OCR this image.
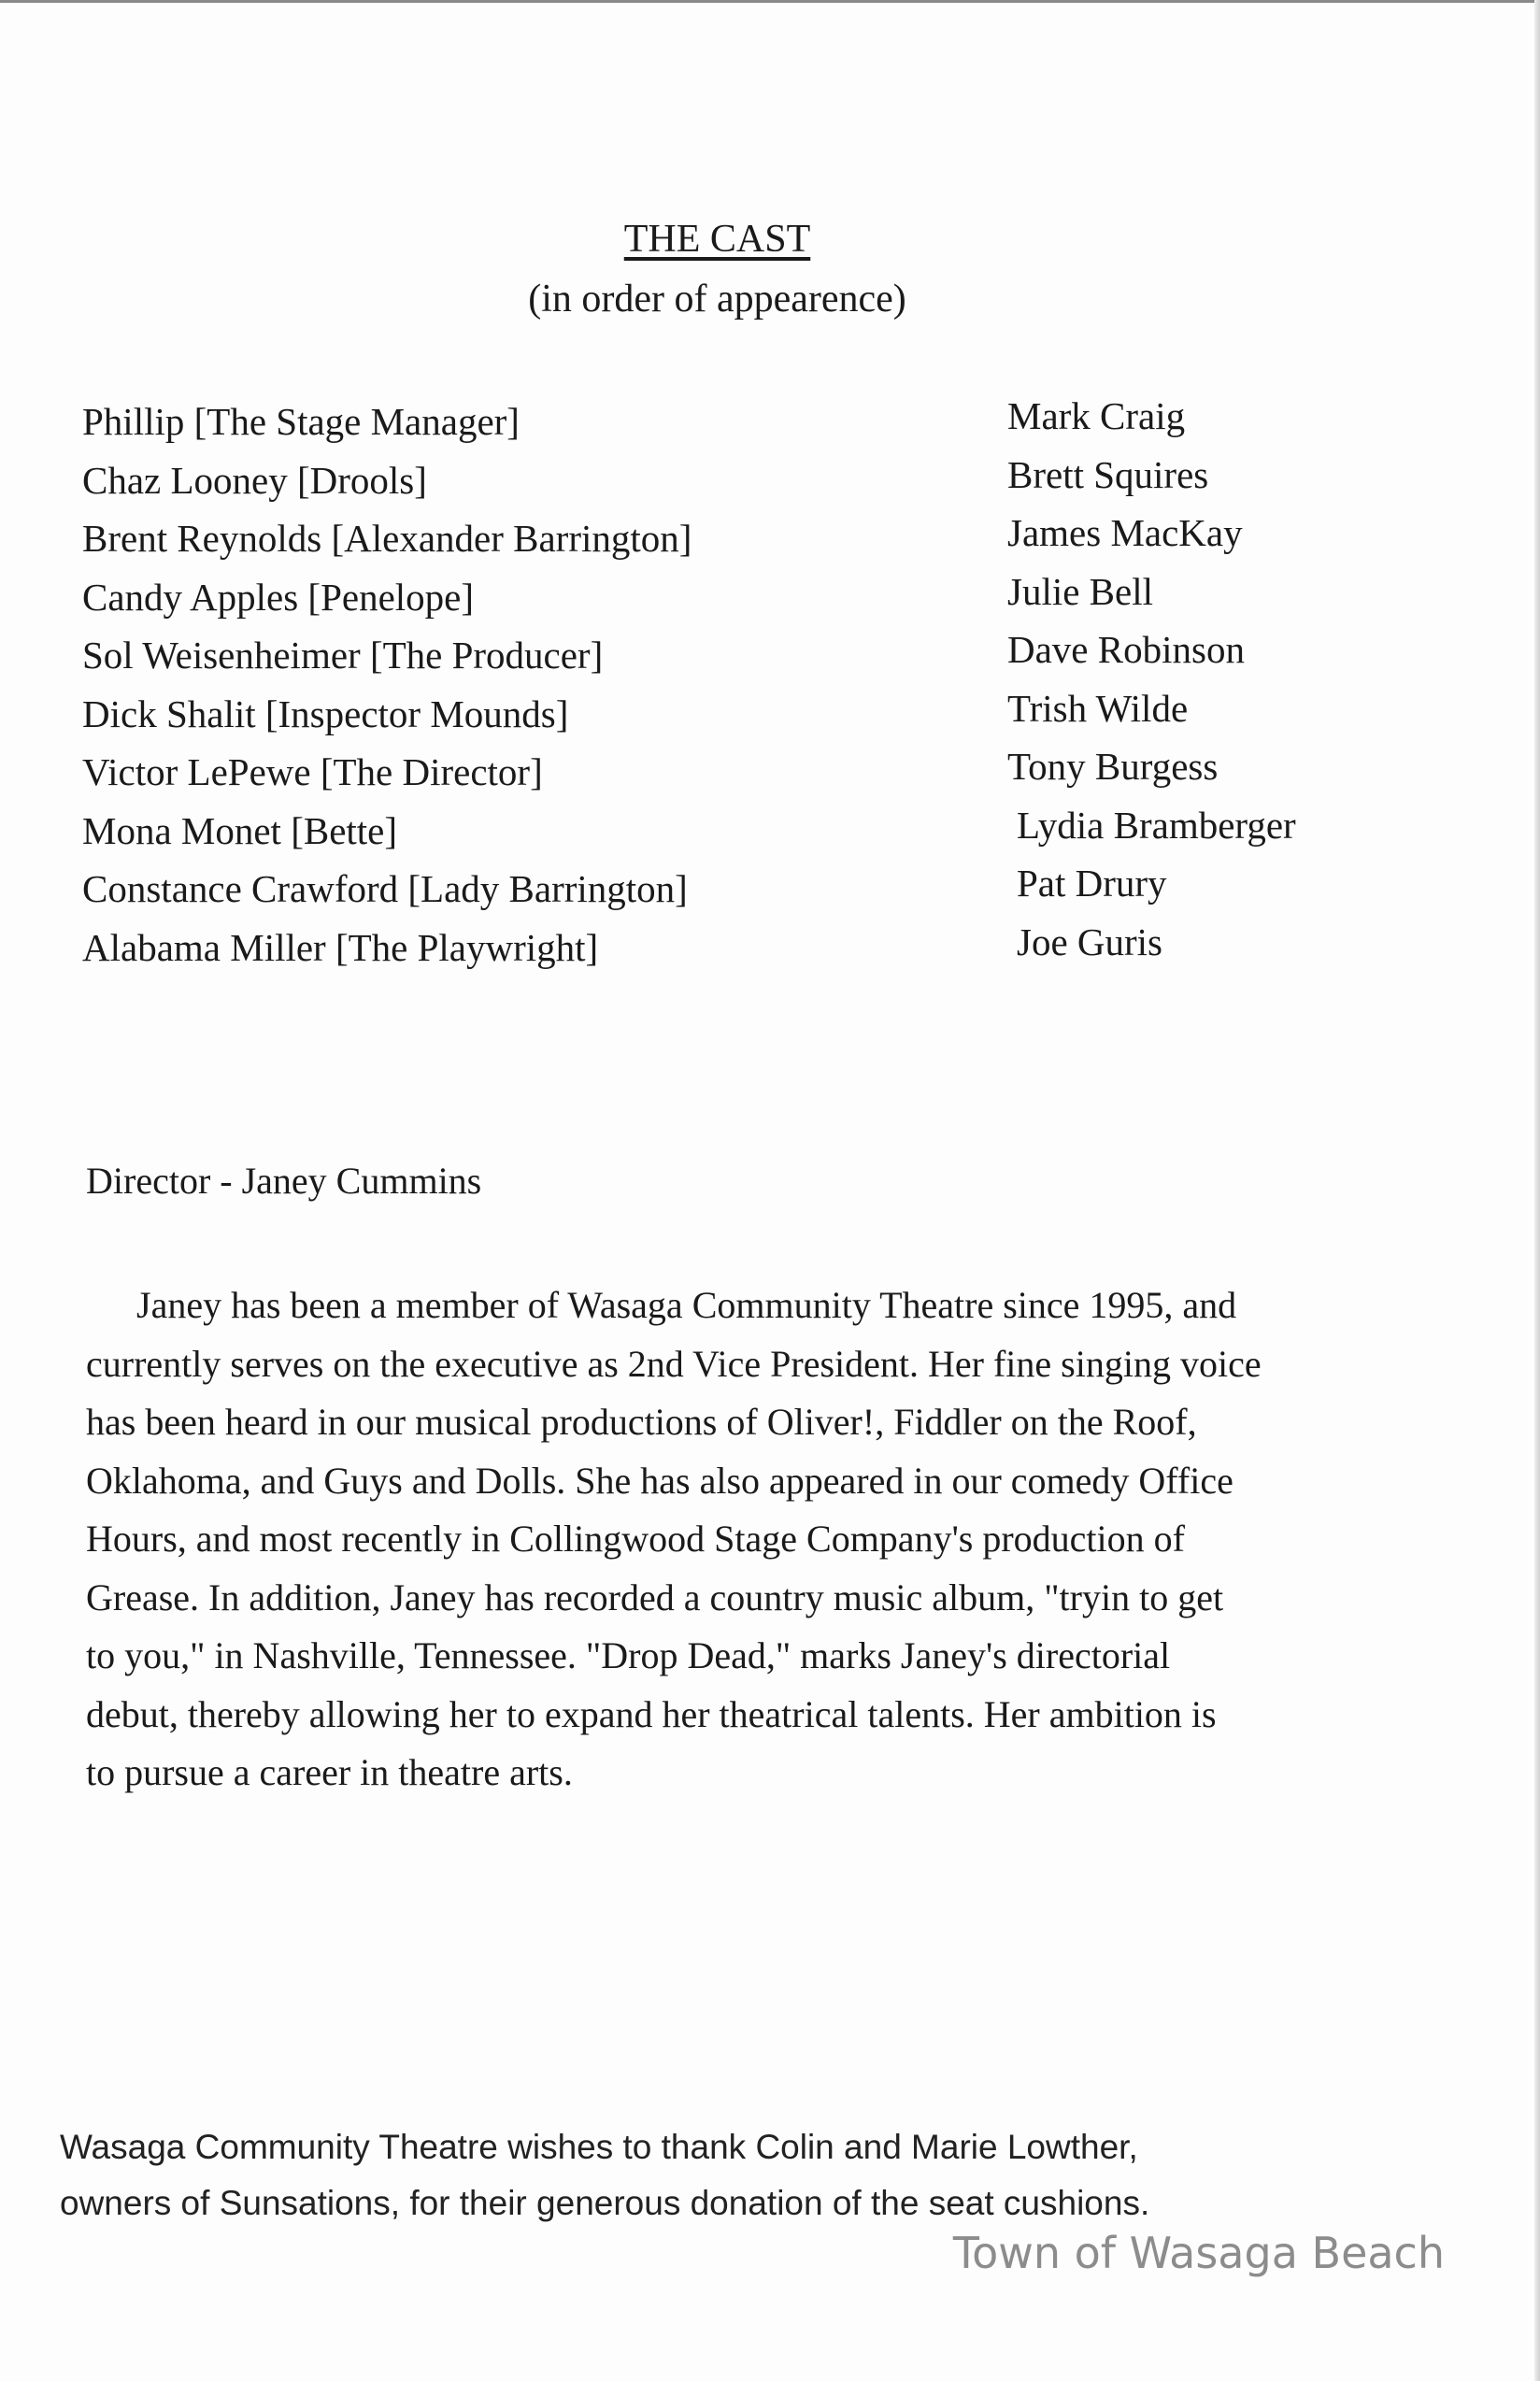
THE CAST
(in order of appearence)
Phillip [The Stage Manager]	Mark Craig
Chaz Looney [Drools]	Brett Squires
Brent Reynolds [Alexander Barrington]	James MacKay
Candy Apples [Penelope]	Julie Bell
Sol Weisenheimer [The Producer]	Dave Robinson
Dick Shalit [Inspector Mounds]	Trish Wilde
Victor LePewe [The Director]	Tony Burgess
Mona Monet [Bette]	Lydia Bramberger
Constance Crawford [Lady Barrington]	Pat Drury
Alabama Miller [The Playwright]	Joe Guris
Director - Janey Cummins
Janey has been a member of Wasaga Community Theatre since 1995, and
currently serves on the executive as 2nd Vice President. Her fine singing voice
has been heard in our musical productions of Oliver!, Fiddler on the Roof,
Oklahoma, and Guys and Dolls. She has also appeared in our comedy Office
Hours, and most recently in Collingwood Stage Company's production of
Grease. In addition, Janey has recorded a country music album, "tryin to get
to you," in Nashville, Tennessee. "Drop Dead," marks Janey's directorial
debut, thereby allowing her to expand her theatrical talents. Her ambition is
to pursue a career in theatre arts.
Wasaga Community Theatre wishes to thank Colin and Marie Lowther,
owners of Sunsations, for their generous donation of the seat cushions.
Town of Wasaga Beach
